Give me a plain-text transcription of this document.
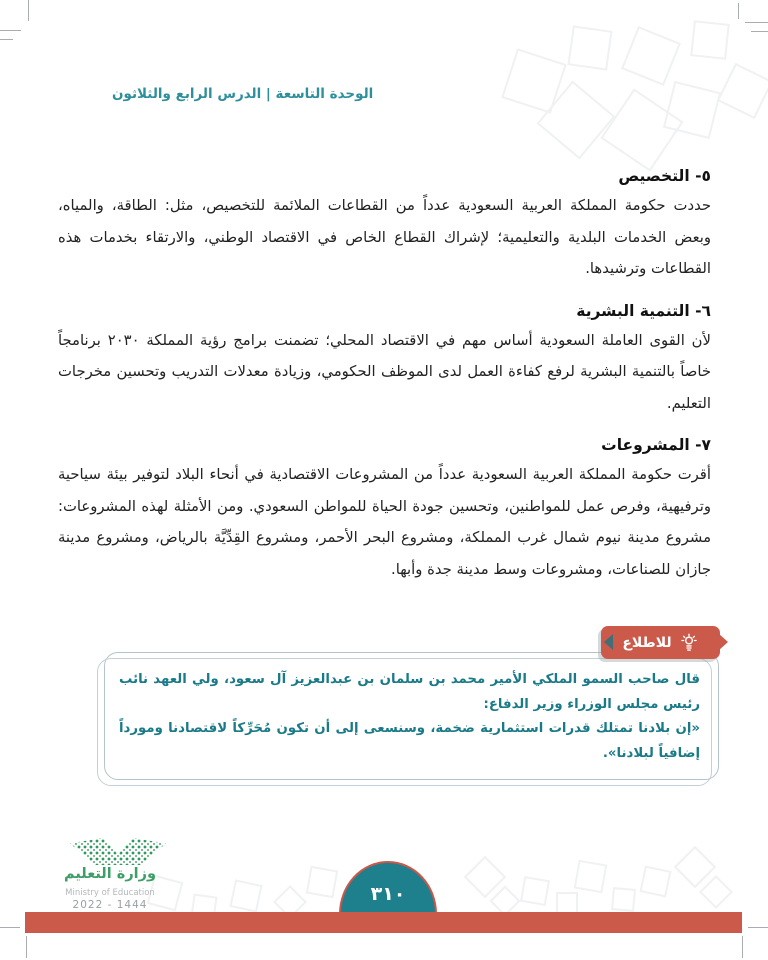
الوحدة التاسعة | الدرس الرابع والثلاثون
٥- التخصيص

حددت حكومة المملكة العربية السعودية عدداً من القطاعات الملائمة للتخصيص، مثل: الطاقة، والمياه، وبعض الخدمات البلدية والتعليمية؛ لإشراك القطاع الخاص في الاقتصاد الوطني، والارتقاء بخدمات هذه القطاعات وترشيدها.

٦- التنمية البشرية

لأن القوى العاملة السعودية أساس مهم في الاقتصاد المحلي؛ تضمنت برامج رؤية المملكة ٢٠٣٠ برنامجاً خاصاً بالتنمية البشرية لرفع كفاءة العمل لدى الموظف الحكومي، وزيادة معدلات التدريب وتحسين مخرجات التعليم.

٧- المشروعات

أقرت حكومة المملكة العربية السعودية عدداً من المشروعات الاقتصادية في أنحاء البلاد لتوفير بيئة سياحية وترفيهية، وفرص عمل للمواطنين، وتحسين جودة الحياة للمواطن السعودي. ومن الأمثلة لهذه المشروعات: مشروع مدينة نيوم شمال غرب المملكة، ومشروع البحر الأحمر، ومشروع القِدِّيَّة بالرياض، ومشروع مدينة جازان للصناعات، ومشروعات وسط مدينة جدة وأبها.

للاطلاع

قال صاحب السمو الملكي الأمير محمد بن سلمان بن عبدالعزيز آل سعود، ولي العهد نائب رئيس مجلس الوزراء وزير الدفاع:

«إن بلادنا تمتلك قدرات استثمارية ضخمة، وسنسعى إلى أن تكون مُحَرِّكاً لاقتصادنا ومورداً إضافياً لبلادنا».

وزارة التعليم
Ministry of Education
2022 - 1444	٣١٠
